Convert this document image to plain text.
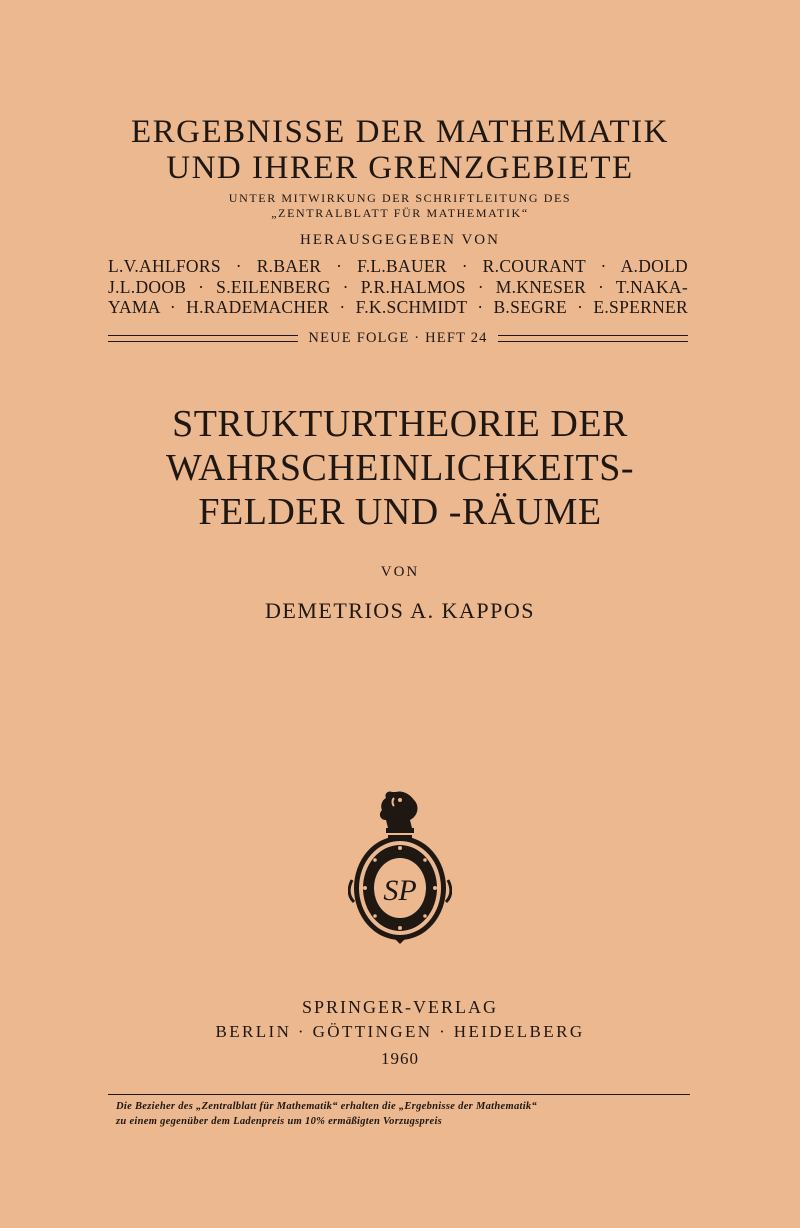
ERGEBNISSE DER MATHEMATIK
UND IHRER GRENZGEBIETE
UNTER MITWIRKUNG DER SCHRIFTLEITUNG DES
„ZENTRALBLATT FÜR MATHEMATIK“
HERAUSGEGEBEN VON
L.V.AHLFORS · R.BAER · F.L.BAUER · R.COURANT · A.DOLD
J.L.DOOB · S.EILENBERG · P.R.HALMOS · M.KNESER · T.NAKA-
YAMA · H.RADEMACHER · F.K.SCHMIDT · B.SEGRE · E.SPERNER
NEUE FOLGE · HEFT 24
STRUKTURTHEORIE DER
WAHRSCHEINLICHKEITS-
FELDER UND -RÄUME
VON
DEMETRIOS A. KAPPOS
SP
SPRINGER-VERLAG
BERLIN · GÖTTINGEN · HEIDELBERG
1960
Die Bezieher des „Zentralblatt für Mathematik“ erhalten die „Ergebnisse der Mathematik“
zu einem gegenüber dem Ladenpreis um 10% ermäßigten Vorzugspreis
